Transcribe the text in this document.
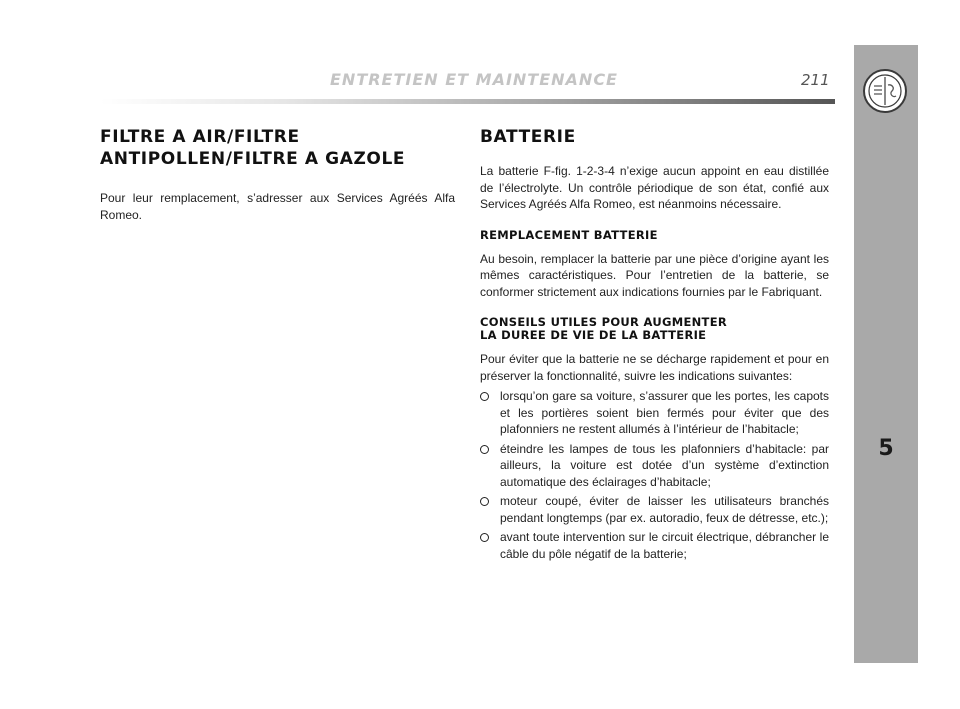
ENTRETIEN ET MAINTENANCE	211
5
FILTRE A AIR/FILTRE
ANTIPOLLEN/FILTRE A GAZOLE

Pour leur remplacement, s’adresser aux Services Agréés Alfa Romeo.

BATTERIE

La batterie F-fig. 1-2-3-4 n’exige aucun appoint en eau distillée de l’électrolyte. Un contrôle périodique de son état, confié aux Services Agréés Alfa Romeo, est néanmoins nécessaire.

REMPLACEMENT BATTERIE

Au besoin, remplacer la batterie par une pièce d’origine ayant les mêmes caractéristiques. Pour l’entretien de la batterie, se conformer strictement aux indications fournies par le Fabriquant.

CONSEILS UTILES POUR AUGMENTER
LA DUREE DE VIE DE LA BATTERIE

Pour éviter que la batterie ne se décharge rapidement et pour en préserver la fonctionnalité, suivre les indications suivantes:

lorsqu’on gare sa voiture, s’assurer que les portes, les capots et les portières soient bien fermés pour éviter que des plafonniers ne restent allumés à l’intérieur de l’habitacle;
éteindre les lampes de tous les plafonniers d’habitacle: par ailleurs, la voiture est dotée d’un système d’extinction automatique des éclairages d’habitacle;
moteur coupé, éviter de laisser les utilisateurs branchés pendant longtemps (par ex. autoradio, feux de détresse, etc.);
avant toute intervention sur le circuit électrique, débrancher le câble du pôle négatif de la batterie;
